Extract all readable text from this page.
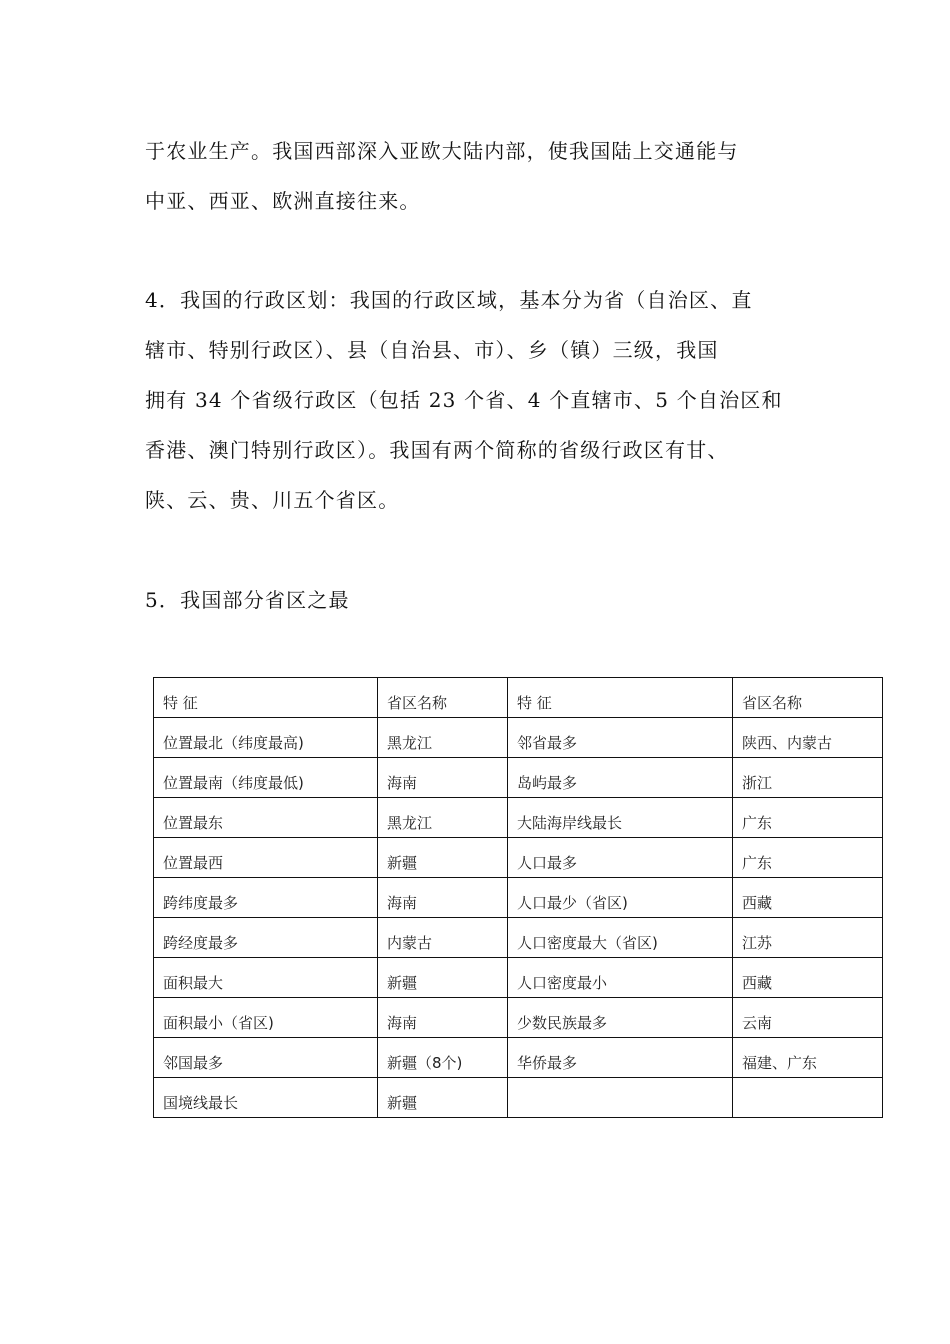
于农业生产。我国西部深入亚欧大陆内部，使我国陆上交通能与
中亚、西亚、欧洲直接往来。

4．我国的行政区划：我国的行政区域，基本分为省（自治区、直
辖市、特别行政区）、县（自治县、市）、乡（镇）三级，我国
拥有 34 个省级行政区（包括 23 个省、4 个直辖市、5 个自治区和
香港、澳门特别行政区）。我国有两个简称的省级行政区有甘、
陕、云、贵、川五个省区。

5．我国部分省区之最

特 征	省区名称	特 征	省区名称
位置最北（纬度最高)	黑龙江	邻省最多	陕西、内蒙古
位置最南（纬度最低)	海南	岛屿最多	浙江
位置最东	黑龙江	大陆海岸线最长	广东
位置最西	新疆	人口最多	广东
跨纬度最多	海南	人口最少（省区)	西藏
跨经度最多	内蒙古	人口密度最大（省区)	江苏
面积最大	新疆	人口密度最小	西藏
面积最小（省区)	海南	少数民族最多	云南
邻国最多	新疆（8个)	华侨最多	福建、广东
国境线最长	新疆		
